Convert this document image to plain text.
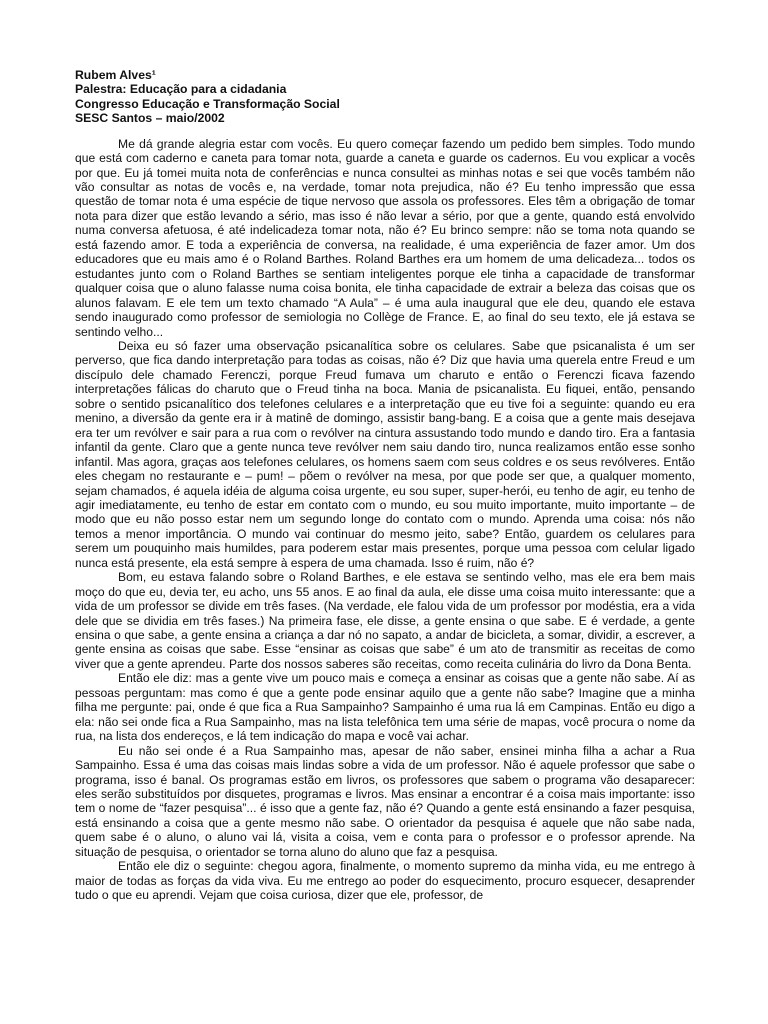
Rubem Alves¹
Palestra: Educação para a cidadania
Congresso Educação e Transformação Social
SESC Santos – maio/2002

Me dá grande alegria estar com vocês. Eu quero começar fazendo um pedido bem simples. Todo mundo que está com caderno e caneta para tomar nota, guarde a caneta e guarde os cadernos. Eu vou explicar a vocês por que. Eu já tomei muita nota de conferências e nunca consultei as minhas notas e sei que vocês também não vão consultar as notas de vocês e, na verdade, tomar nota prejudica, não é? Eu tenho impressão que essa questão de tomar nota é uma espécie de tique nervoso que assola os professores. Eles têm a obrigação de tomar nota para dizer que estão levando a sério, mas isso é não levar a sério, por que a gente, quando está envolvido numa conversa afetuosa, é até indelicadeza tomar nota, não é? Eu brinco sempre: não se toma nota quando se está fazendo amor. E toda a experiência de conversa, na realidade, é uma experiência de fazer amor. Um dos educadores que eu mais amo é o Roland Barthes. Roland Barthes era um homem de uma delicadeza... todos os estudantes junto com o Roland Barthes se sentiam inteligentes porque ele tinha a capacidade de transformar qualquer coisa que o aluno falasse numa coisa bonita, ele tinha capacidade de extrair a beleza das coisas que os alunos falavam. E ele tem um texto chamado “A Aula” – é uma aula inaugural que ele deu, quando ele estava sendo inaugurado como professor de semiologia no Collège de France. E, ao final do seu texto, ele já estava se sentindo velho...

Deixa eu só fazer uma observação psicanalítica sobre os celulares. Sabe que psicanalista é um ser perverso, que fica dando interpretação para todas as coisas, não é? Diz que havia uma querela entre Freud e um discípulo dele chamado Ferenczi, porque Freud fumava um charuto e então o Ferenczi ficava fazendo interpretações fálicas do charuto que o Freud tinha na boca. Mania de psicanalista. Eu fiquei, então, pensando sobre o sentido psicanalítico dos telefones celulares e a interpretação que eu tive foi a seguinte: quando eu era menino, a diversão da gente era ir à matinê de domingo, assistir bang-bang. E a coisa que a gente mais desejava era ter um revólver e sair para a rua com o revólver na cintura assustando todo mundo e dando tiro. Era a fantasia infantil da gente. Claro que a gente nunca teve revólver nem saiu dando tiro, nunca realizamos então esse sonho infantil. Mas agora, graças aos telefones celulares, os homens saem com seus coldres e os seus revólveres. Então eles chegam no restaurante e – pum! – põem o revólver na mesa, por que pode ser que, a qualquer momento, sejam chamados, é aquela idéia de alguma coisa urgente, eu sou super, super-herói, eu tenho de agir, eu tenho de agir imediatamente, eu tenho de estar em contato com o mundo, eu sou muito importante, muito importante – de modo que eu não posso estar nem um segundo longe do contato com o mundo. Aprenda uma coisa: nós não temos a menor importância. O mundo vai continuar do mesmo jeito, sabe? Então, guardem os celulares para serem um pouquinho mais humildes, para poderem estar mais presentes, porque uma pessoa com celular ligado nunca está presente, ela está sempre à espera de uma chamada. Isso é ruim, não é?

Bom, eu estava falando sobre o Roland Barthes, e ele estava se sentindo velho, mas ele era bem mais moço do que eu, devia ter, eu acho, uns 55 anos. E ao final da aula, ele disse uma coisa muito interessante: que a vida de um professor se divide em três fases. (Na verdade, ele falou vida de um professor por modéstia, era a vida dele que se dividia em três fases.) Na primeira fase, ele disse, a gente ensina o que sabe. E é verdade, a gente ensina o que sabe, a gente ensina a criança a dar nó no sapato, a andar de bicicleta, a somar, dividir, a escrever, a gente ensina as coisas que sabe. Esse “ensinar as coisas que sabe” é um ato de transmitir as receitas de como viver que a gente aprendeu. Parte dos nossos saberes são receitas, como receita culinária do livro da Dona Benta.

Então ele diz: mas a gente vive um pouco mais e começa a ensinar as coisas que a gente não sabe. Aí as pessoas perguntam: mas como é que a gente pode ensinar aquilo que a gente não sabe? Imagine que a minha filha me pergunte: pai, onde é que fica a Rua Sampainho? Sampainho é uma rua lá em Campinas. Então eu digo a ela: não sei onde fica a Rua Sampainho, mas na lista telefônica tem uma série de mapas, você procura o nome da rua, na lista dos endereços, e lá tem indicação do mapa e você vai achar.

Eu não sei onde é a Rua Sampainho mas, apesar de não saber, ensinei minha filha a achar a Rua Sampainho. Essa é uma das coisas mais lindas sobre a vida de um professor. Não é aquele professor que sabe o programa, isso é banal. Os programas estão em livros, os professores que sabem o programa vão desaparecer: eles serão substituídos por disquetes, programas e livros. Mas ensinar a encontrar é a coisa mais importante: isso tem o nome de “fazer pesquisa”... é isso que a gente faz, não é? Quando a gente está ensinando a fazer pesquisa, está ensinando a coisa que a gente mesmo não sabe. O orientador da pesquisa é aquele que não sabe nada, quem sabe é o aluno, o aluno vai lá, visita a coisa, vem e conta para o professor e o professor aprende. Na situação de pesquisa, o orientador se torna aluno do aluno que faz a pesquisa.

Então ele diz o seguinte: chegou agora, finalmente, o momento supremo da minha vida, eu me entrego à maior de todas as forças da vida viva. Eu me entrego ao poder do esquecimento, procuro esquecer, desaprender tudo o que eu aprendi. Vejam que coisa curiosa, dizer que ele, professor, de
